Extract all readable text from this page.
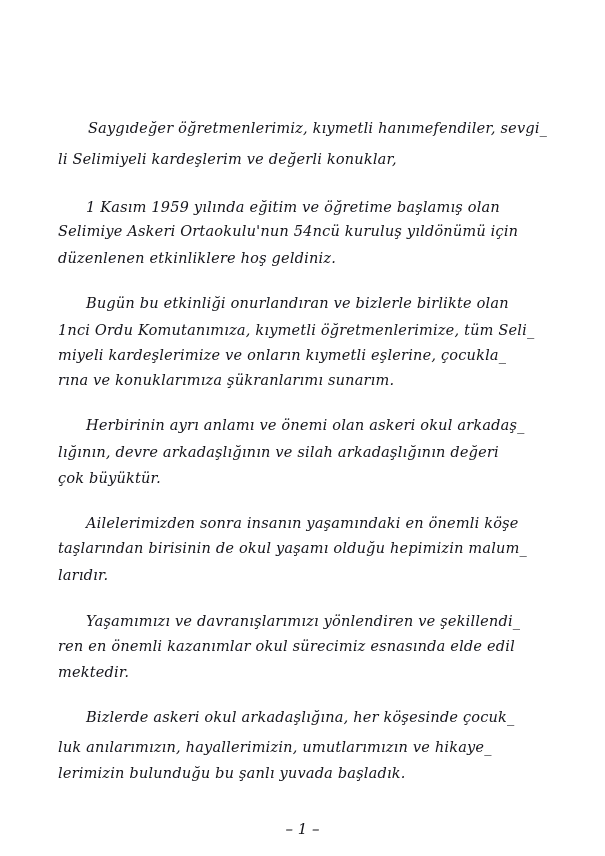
Saygıdeğer öğretmenlerimiz, kıymetli hanımefendiler, sevgi_
li Selimiyeli kardeşlerim ve değerli konuklar,
1 Kasım 1959 yılında eğitim ve öğretime başlamış olan
Selimiye Askeri Ortaokulu'nun 54ncü kuruluş yıldönümü için
düzenlenen etkinliklere hoş geldiniz.
Bugün bu etkinliği onurlandıran ve bizlerle birlikte olan
1nci Ordu Komutanımıza, kıymetli öğretmenlerimize, tüm Seli_
miyeli kardeşlerimize ve onların kıymetli eşlerine, çocukla_
rına ve konuklarımıza şükranlarımı sunarım.
Herbirinin ayrı anlamı ve önemi olan askeri okul arkadaş_
lığının, devre arkadaşlığının ve silah arkadaşlığının değeri
çok büyüktür.
Ailelerimizden sonra insanın yaşamındaki en önemli köşe
taşlarından birisinin de okul yaşamı olduğu hepimizin malum_
larıdır.
Yaşamımızı ve davranışlarımızı yönlendiren ve şekillendi_
ren en önemli kazanımlar okul sürecimiz esnasında elde edil
mektedir.
Bizlerde askeri okul arkadaşlığına, her köşesinde çocuk_
luk anılarımızın, hayallerimizin, umutlarımızın ve hikaye_
lerimizin bulunduğu bu şanlı yuvada başladık.
– 1 –
